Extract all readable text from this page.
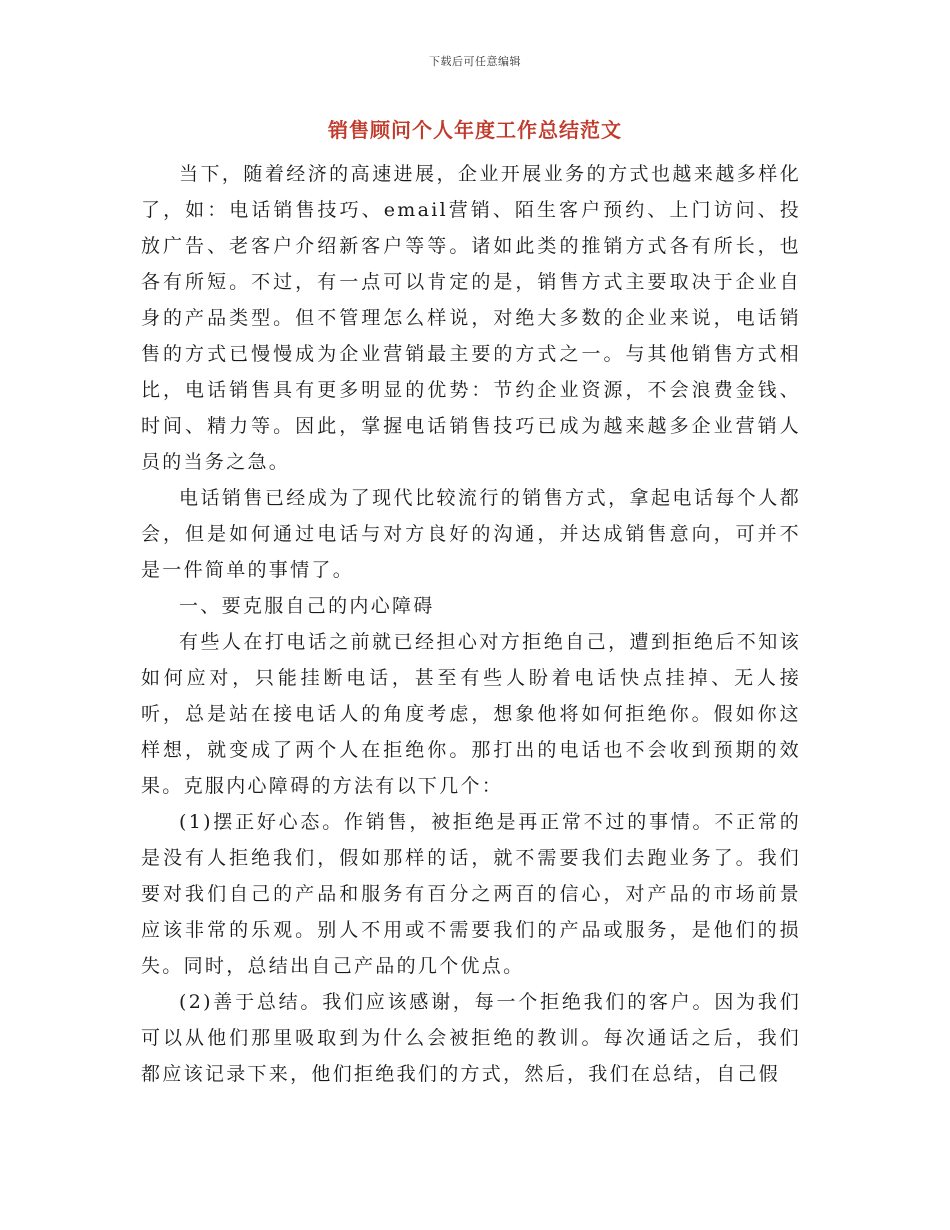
下载后可任意编辑
销售顾问个人年度工作总结范文

当下，随着经济的高速进展，企业开展业务的方式也越来越多样化了，如：电话销售技巧、email营销、陌生客户预约、上门访问、投放广告、老客户介绍新客户等等。诸如此类的推销方式各有所长，也各有所短。不过，有一点可以肯定的是，销售方式主要取决于企业自身的产品类型。但不管理怎么样说，对绝大多数的企业来说，电话销售的方式已慢慢成为企业营销最主要的方式之一。与其他销售方式相比，电话销售具有更多明显的优势：节约企业资源，不会浪费金钱、时间、精力等。因此，掌握电话销售技巧已成为越来越多企业营销人员的当务之急。

电话销售已经成为了现代比较流行的销售方式，拿起电话每个人都会，但是如何通过电话与对方良好的沟通，并达成销售意向，可并不是一件简单的事情了。

一、要克服自己的内心障碍

有些人在打电话之前就已经担心对方拒绝自己，遭到拒绝后不知该如何应对，只能挂断电话，甚至有些人盼着电话快点挂掉、无人接听，总是站在接电话人的角度考虑，想象他将如何拒绝你。假如你这样想，就变成了两个人在拒绝你。那打出的电话也不会收到预期的效果。克服内心障碍的方法有以下几个：

(1)摆正好心态。作销售，被拒绝是再正常不过的事情。不正常的是没有人拒绝我们，假如那样的话，就不需要我们去跑业务了。我们要对我们自己的产品和服务有百分之两百的信心，对产品的市场前景应该非常的乐观。别人不用或不需要我们的产品或服务，是他们的损失。同时，总结出自己产品的几个优点。

(2)善于总结。我们应该感谢，每一个拒绝我们的客户。因为我们可以从他们那里吸取到为什么会被拒绝的教训。每次通话之后，我们都应该记录下来，他们拒绝我们的方式，然后，我们在总结，自己假
